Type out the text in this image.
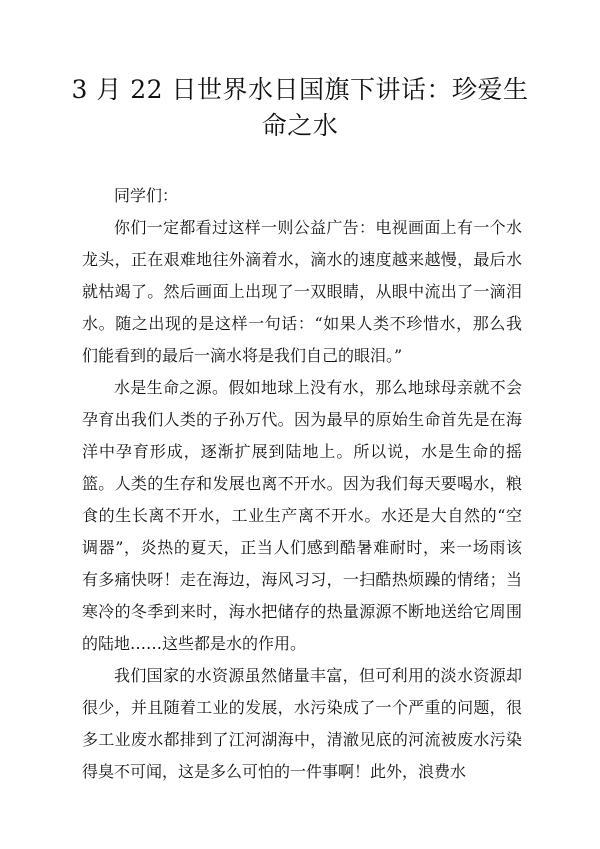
3 月 22 日世界水日国旗下讲话：珍爱生命之水

同学们：

你们一定都看过这样一则公益广告：电视画面上有一个水龙头，正在艰难地往外滴着水，滴水的速度越来越慢，最后水就枯竭了。然后画面上出现了一双眼睛，从眼中流出了一滴泪水。随之出现的是这样一句话：“如果人类不珍惜水，那么我们能看到的最后一滴水将是我们自己的眼泪。”

水是生命之源。假如地球上没有水，那么地球母亲就不会孕育出我们人类的子孙万代。因为最早的原始生命首先是在海洋中孕育形成，逐渐扩展到陆地上。所以说，水是生命的摇篮。人类的生存和发展也离不开水。因为我们每天要喝水，粮食的生长离不开水，工业生产离不开水。水还是大自然的“空调器”，炎热的夏天，正当人们感到酷暑难耐时，来一场雨该有多痛快呀！走在海边，海风习习，一扫酷热烦躁的情绪；当寒冷的冬季到来时，海水把储存的热量源源不断地送给它周围的陆地……这些都是水的作用。

我们国家的水资源虽然储量丰富，但可利用的淡水资源却很少，并且随着工业的发展，水污染成了一个严重的问题，很多工业废水都排到了江河湖海中，清澈见底的河流被废水污染得臭不可闻，这是多么可怕的一件事啊！此外，浪费水
